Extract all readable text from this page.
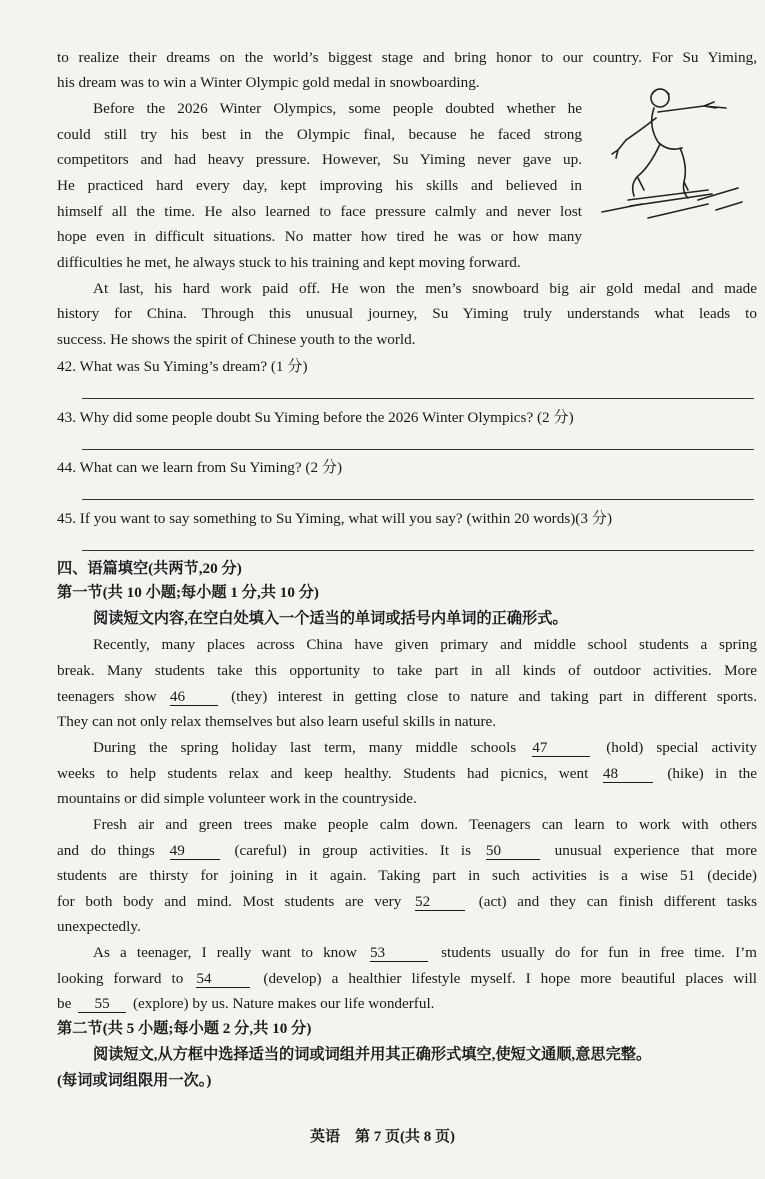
to realize their dreams on the world’s biggest stage and bring honor to our country. For Su Yiming,
his dream was to win a Winter Olympic gold medal in snowboarding.
Before the 2026 Winter Olympics, some people doubted whether he
could still try his best in the Olympic final, because he faced strong
competitors and had heavy pressure. However, Su Yiming never gave up.
He practiced hard every day, kept improving his skills and believed in
himself all the time. He also learned to face pressure calmly and never lost
hope even in difficult situations. No matter how tired he was or how many
difficulties he met, he always stuck to his training and kept moving forward.
At last, his hard work paid off. He won the men’s snowboard big air gold medal and made
history for China. Through this unusual journey, Su Yiming truly understands what leads to
success. He shows the spirit of Chinese youth to the world.
42. What was Su Yiming’s dream? (1 分)
43. Why did some people doubt Su Yiming before the 2026 Winter Olympics? (2 分)
44. What can we learn from Su Yiming? (2 分)
45. If you want to say something to Su Yiming, what will you say? (within 20 words)(3 分)
四、语篇填空(共两节,20 分)
第一节(共 10 小题;每小题 1 分,共 10 分)
阅读短文内容,在空白处填入一个适当的单词或括号内单词的正确形式。
Recently, many places across China have given primary and middle school students a spring
break. Many students take this opportunity to take part in all kinds of outdoor activities. More
teenagers show 46	(they) interest in getting close to nature and taking part in different sports.
They can not only relax themselves but also learn useful skills in nature.
During the spring holiday last term, many middle schools 47	(hold) special activity
weeks to help students relax and keep healthy. Students had picnics, went 48	(hike) in the
mountains or did simple volunteer work in the countryside.
Fresh air and green trees make people calm down. Teenagers can learn to work with others
and do things 49	(careful) in group activities. It is 50	unusual experience that more
students are thirsty for joining in it again. Taking part in such activities is a wise 51 (decide)
for both body and mind. Most students are very 52	(act) and they can finish different tasks
unexpectedly.
As a teenager, I really want to know 53	students usually do for fun in free time. I’m
looking forward to 54	(develop) a healthier lifestyle myself. I hope more beautiful places will
be 55 (explore) by us. Nature makes our life wonderful.
第二节(共 5 小题;每小题 2 分,共 10 分)
阅读短文,从方框中选择适当的词或词组并用其正确形式填空,使短文通顺,意思完整。
(每词或词组限用一次。)
英语　第 7 页(共 8 页)
